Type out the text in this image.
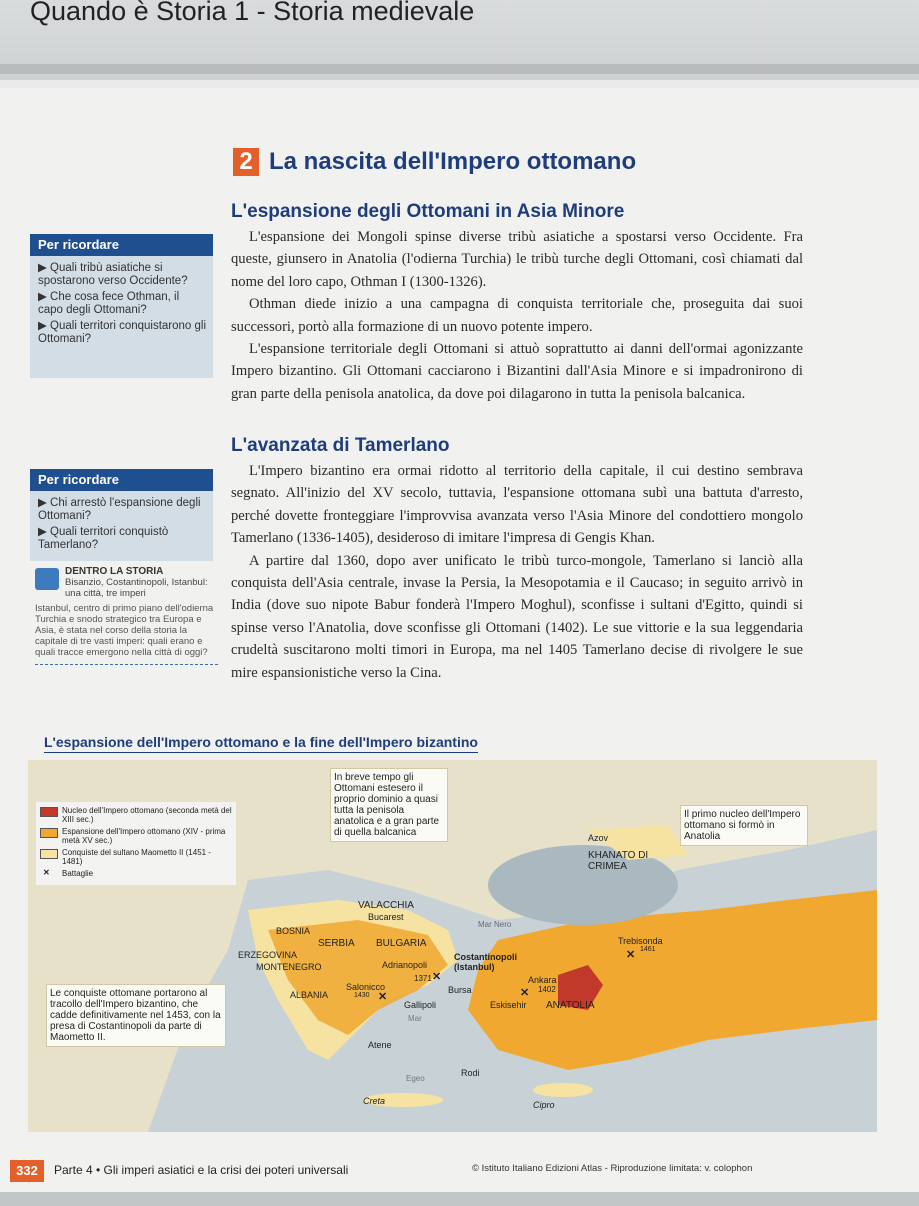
Quando è Storia 1 - Storia medievale
2 La nascita dell'Impero ottomano
L'espansione degli Ottomani in Asia Minore

L'espansione dei Mongoli spinse diverse tribù asiatiche a spostarsi verso Occidente. Fra queste, giunsero in Anatolia (l'odierna Turchia) le tribù turche degli Ottomani, così chiamati dal nome del loro capo, Othman I (1300-1326).

Othman diede inizio a una campagna di conquista territoriale che, proseguita dai suoi successori, portò alla formazione di un nuovo potente impero.

L'espansione territoriale degli Ottomani si attuò soprattutto ai danni dell'ormai agonizzante Impero bizantino. Gli Ottomani cacciarono i Bizantini dall'Asia Minore e si impadronirono di gran parte della penisola anatolica, da dove poi dilagarono in tutta la penisola balcanica.

Per ricordare

▶ Quali tribù asiatiche si spostarono verso Occidente?

▶ Che cosa fece Othman, il capo degli Ottomani?

▶ Quali territori conquistarono gli Ottomani?

L'avanzata di Tamerlano

L'Impero bizantino era ormai ridotto al territorio della capitale, il cui destino sembrava segnato. All'inizio del XV secolo, tuttavia, l'espansione ottomana subì una battuta d'arresto, perché dovette fronteggiare l'improvvisa avanzata verso l'Asia Minore del condottiero mongolo Tamerlano (1336-1405), desideroso di imitare l'impresa di Gengis Khan.

A partire dal 1360, dopo aver unificato le tribù turco-mongole, Tamerlano si lanciò alla conquista dell'Asia centrale, invase la Persia, la Mesopotamia e il Caucaso; in seguito arrivò in India (dove suo nipote Babur fonderà l'Impero Moghul), sconfisse i sultani d'Egitto, quindi si spinse verso l'Anatolia, dove sconfisse gli Ottomani (1402). Le sue vittorie e la sua leggendaria crudeltà suscitarono molti timori in Europa, ma nel 1405 Tamerlano decise di rivolgere le sue mire espansionistiche verso la Cina.

Per ricordare

▶ Chi arrestò l'espansione degli Ottomani?

▶ Quali territori conquistò Tamerlano?

DENTRO LA STORIA
Bisanzio, Costantinopoli, Istanbul: una città, tre imperi
Istanbul, centro di primo piano dell'odierna Turchia e snodo strategico tra Europa e Asia, è stata nel corso della storia la capitale di tre vasti imperi: quali erano e quali tracce emergono nella città di oggi?
L'espansione dell'Impero ottomano e la fine dell'Impero bizantino
Nucleo dell'Impero ottomano (seconda metà del XIII sec.)
Espansione dell'Impero ottomano (XIV - prima metà XV sec.)
Conquiste del sultano Maometto II (1451 - 1481)
✕ Battaglie
In breve tempo gli Ottomani estesero il proprio dominio a quasi tutta la penisola anatolica e a gran parte di quella balcanica
Il primo nucleo dell'Impero ottomano si formò in Anatolia
Le conquiste ottomane portarono al tracollo dell'Impero bizantino, che cadde definitivamente nel 1453, con la presa di Costantinopoli da parte di Maometto II.
Azov
KHANATO DI CRIMEA
Mar Nero
VALACCHIA
Bucarest
BOSNIA
SERBIA BULGARIA
ERZEGOVINA
MONTENEGRO	Adrianopoli
1371
Costantinopoli (Istanbul)
ALBANIA
Salonicco
1430
Gallipoli
Mar
Bursa
Eskisehir
Ankara
1402
ANATOLIA
Trebisonda
1461
Atene
Egeo
Rodi
Creta	Cipro
✕
✕	✕
✕
332	Parte 4 • Gli imperi asiatici e la crisi dei poteri universali	© Istituto Italiano Edizioni Atlas - Riproduzione limitata: v. colophon
